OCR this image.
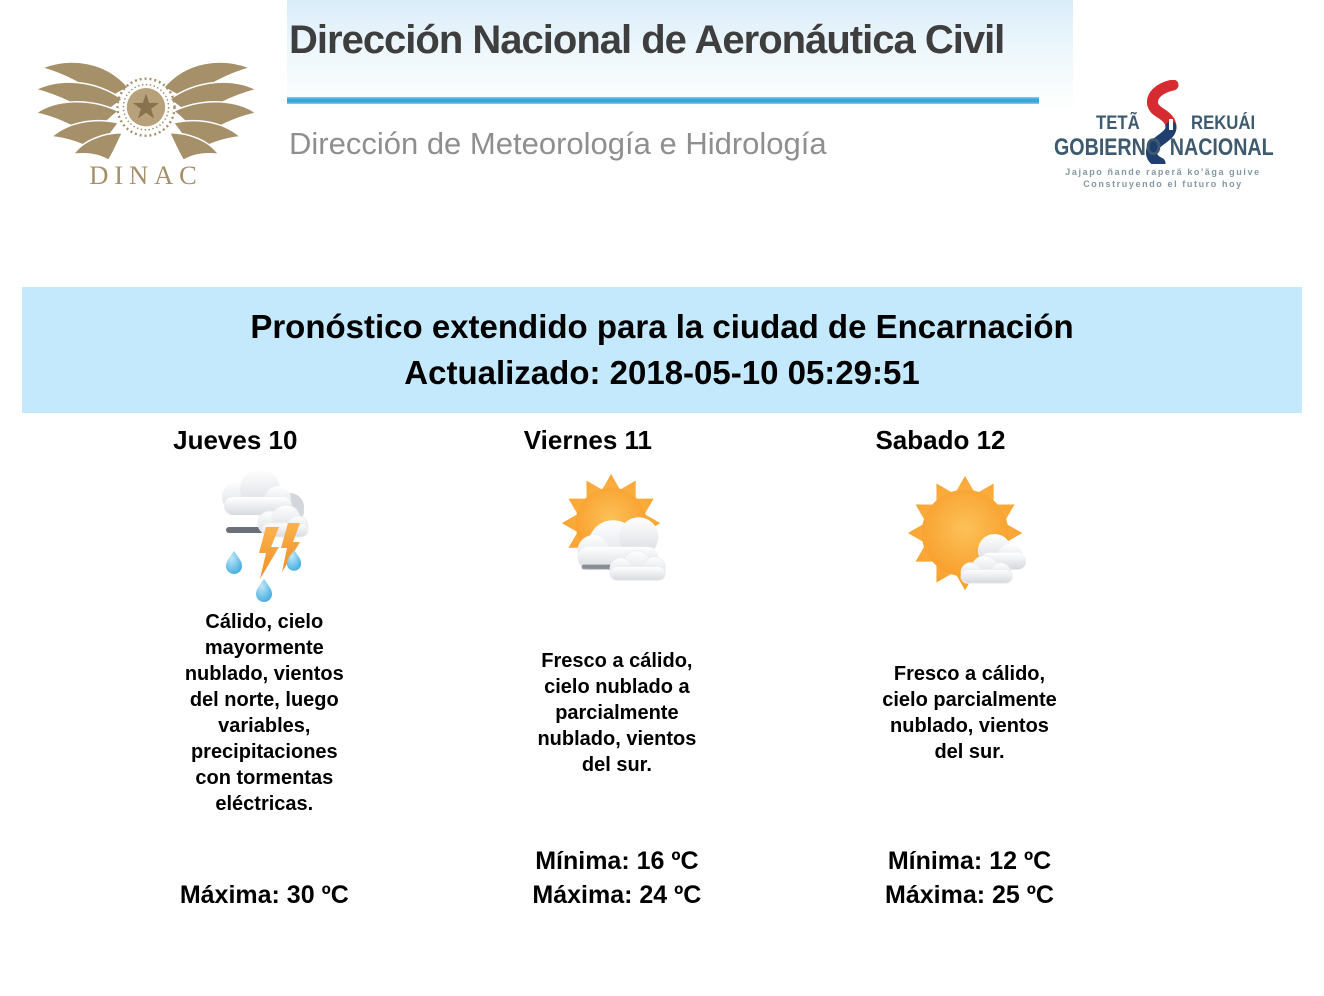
DINAC
Dirección Nacional de Aeronáutica Civil
Dirección de Meteorología e Hidrología
TETÃ	REKUÁI
GOBIERNO NACIONAL
Jajapo ñande raperã ko'ãga guive
Construyendo el futuro hoy
Pronóstico extendido para la ciudad de Encarnación
Actualizado: 2018-05-10 05:29:51
Jueves 10
Cálido, cielo
mayormente
nublado, vientos
del norte, luego
variables,
precipitaciones
con tormentas
eléctricas.
Máxima: 30 ºC
Viernes 11
Fresco a cálido,
cielo nublado a
parcialmente
nublado, vientos
del sur.
Mínima: 16 ºC
Máxima: 24 ºC
Sabado 12
Fresco a cálido,
cielo parcialmente
nublado, vientos
del sur.
Mínima: 12 ºC
Máxima: 25 ºC
